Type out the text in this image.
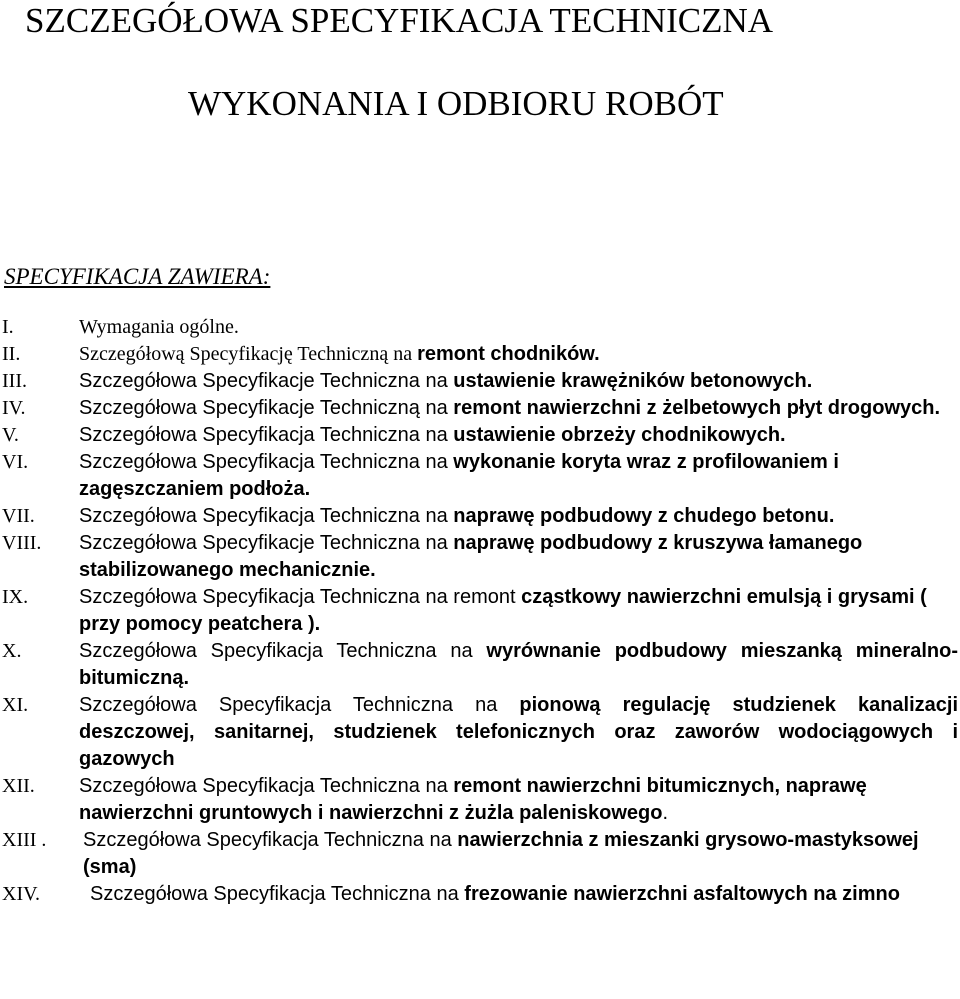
SZCZEGÓŁOWA SPECYFIKACJA TECHNICZNA
WYKONANIA I ODBIORU ROBÓT
SPECYFIKACJA ZAWIERA:
I.	Wymagania ogólne.
II.	Szczegółową Specyfikację Techniczną na remont chodników.
III.	Szczegółowa Specyfikacje Techniczna na ustawienie krawężników betonowych.
IV.	Szczegółowa Specyfikacje Techniczną na remont nawierzchni z żelbetowych płyt drogowych.
V.	Szczegółowa Specyfikacja Techniczna na ustawienie obrzeży chodnikowych.
VI.	Szczegółowa Specyfikacja Techniczna na wykonanie koryta wraz z profilowaniem i zagęszczaniem podłoża.
VII. Szczegółowa Specyfikacja Techniczna na naprawę podbudowy z chudego betonu.
VIII. Szczegółowa Specyfikacje Techniczna na naprawę podbudowy z kruszywa łamanego stabilizowanego mechanicznie.
IX.	Szczegółowa Specyfikacja Techniczna na remont cząstkowy nawierzchni emulsją i grysami ( przy pomocy peatchera ).
X.	Szczegółowa Specyfikacja Techniczna na wyrównanie podbudowy mieszanką mineralno-bitumiczną.
XI.	Szczegółowa Specyfikacja Techniczna na pionową regulację studzienek kanalizacji deszczowej, sanitarnej, studzienek telefonicznych oraz zaworów wodociągowych i gazowych
XII. Szczegółowa Specyfikacja Techniczna na remont nawierzchni bitumicznych, naprawę nawierzchni gruntowych i nawierzchni z żużla paleniskowego.
XIII . Szczegółowa Specyfikacja Techniczna na nawierzchnia z mieszanki grysowo-mastyksowej (sma)
XIV.	Szczegółowa Specyfikacja Techniczna na frezowanie nawierzchni asfaltowych na zimno
